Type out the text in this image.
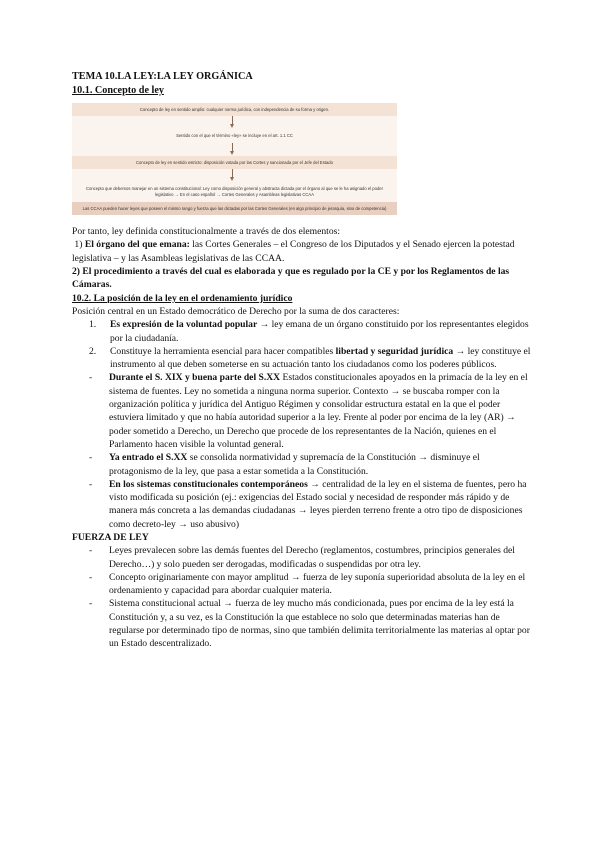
TEMA 10.LA LEY:LA LEY ORGÁNICA

10.1. Concepto de ley

Concepto de ley en sentido amplio: cualquier norma jurídica, con independencia de su forma y origen.
Sentido con el que el término «ley» se incluye en el art. 1.1 CC
Concepto de ley en sentido estricto: disposición votada por las Cortes y sancionada por el Jefe del Estado
Concepto que debemos manejar en un sistema constitucional: Ley como disposición general y abstracta dictada por el órgano al que se le ha asignado el poder legislativo → En el caso español → Cortes Generales y Asambleas legislativas CCAA
Las CCAA pueden hacer leyes que poseen el mismo rango y fuerza que las dictadas por las Cortes Generales (en algo principio de jerarquía, sino de competencia)

Por tanto, ley definida constitucionalmente a través de dos elementos:

1) El órgano del que emana: las Cortes Generales – el Congreso de los Diputados y el Senado ejercen la potestad legislativa – y las Asambleas legislativas de las CCAA.

2) El procedimiento a través del cual es elaborada y que es regulado por la CE y por los Reglamentos de las Cámaras.

10.2. La posición de la ley en el ordenamiento jurídico

Posición central en un Estado democrático de Derecho por la suma de dos caracteres:

1.	Es expresión de la voluntad popular → ley emana de un órgano constituido por los representantes elegidos por la ciudadanía.
2.	Constituye la herramienta esencial para hacer compatibles libertad y seguridad jurídica → ley constituye el instrumento al que deben someterse en su actuación tanto los ciudadanos como los poderes públicos.
-	Durante el S. XIX y buena parte del S.XX Estados constitucionales apoyados en la primacía de la ley en el sistema de fuentes. Ley no sometida a ninguna norma superior. Contexto → se buscaba romper con la organización política y jurídica del Antiguo Régimen y consolidar estructura estatal en la que el poder estuviera limitado y que no había autoridad superior a la ley. Frente al poder por encima de la ley (AR) → poder sometido a Derecho, un Derecho que procede de los representantes de la Nación, quienes en el Parlamento hacen visible la voluntad general.
-	Ya entrado el S.XX se consolida normatividad y supremacía de la Constitución → disminuye el protagonismo de la ley, que pasa a estar sometida a la Constitución.
-	En los sistemas constitucionales contemporáneos → centralidad de la ley en el sistema de fuentes, pero ha visto modificada su posición (ej.: exigencias del Estado social y necesidad de responder más rápido y de manera más concreta a las demandas ciudadanas → leyes pierden terreno frente a otro tipo de disposiciones como decreto-ley → uso abusivo)

FUERZA DE LEY

-	Leyes prevalecen sobre las demás fuentes del Derecho (reglamentos, costumbres, principios generales del Derecho…) y solo pueden ser derogadas, modificadas o suspendidas por otra ley.
-	Concepto originariamente con mayor amplitud → fuerza de ley suponía superioridad absoluta de la ley en el ordenamiento y capacidad para abordar cualquier materia.
-	Sistema constitucional actual → fuerza de ley mucho más condicionada, pues por encima de la ley está la Constitución y, a su vez, es la Constitución la que establece no solo que determinadas materias han de regularse por determinado tipo de normas, sino que también delimita territorialmente las materias al optar por un Estado descentralizado.
